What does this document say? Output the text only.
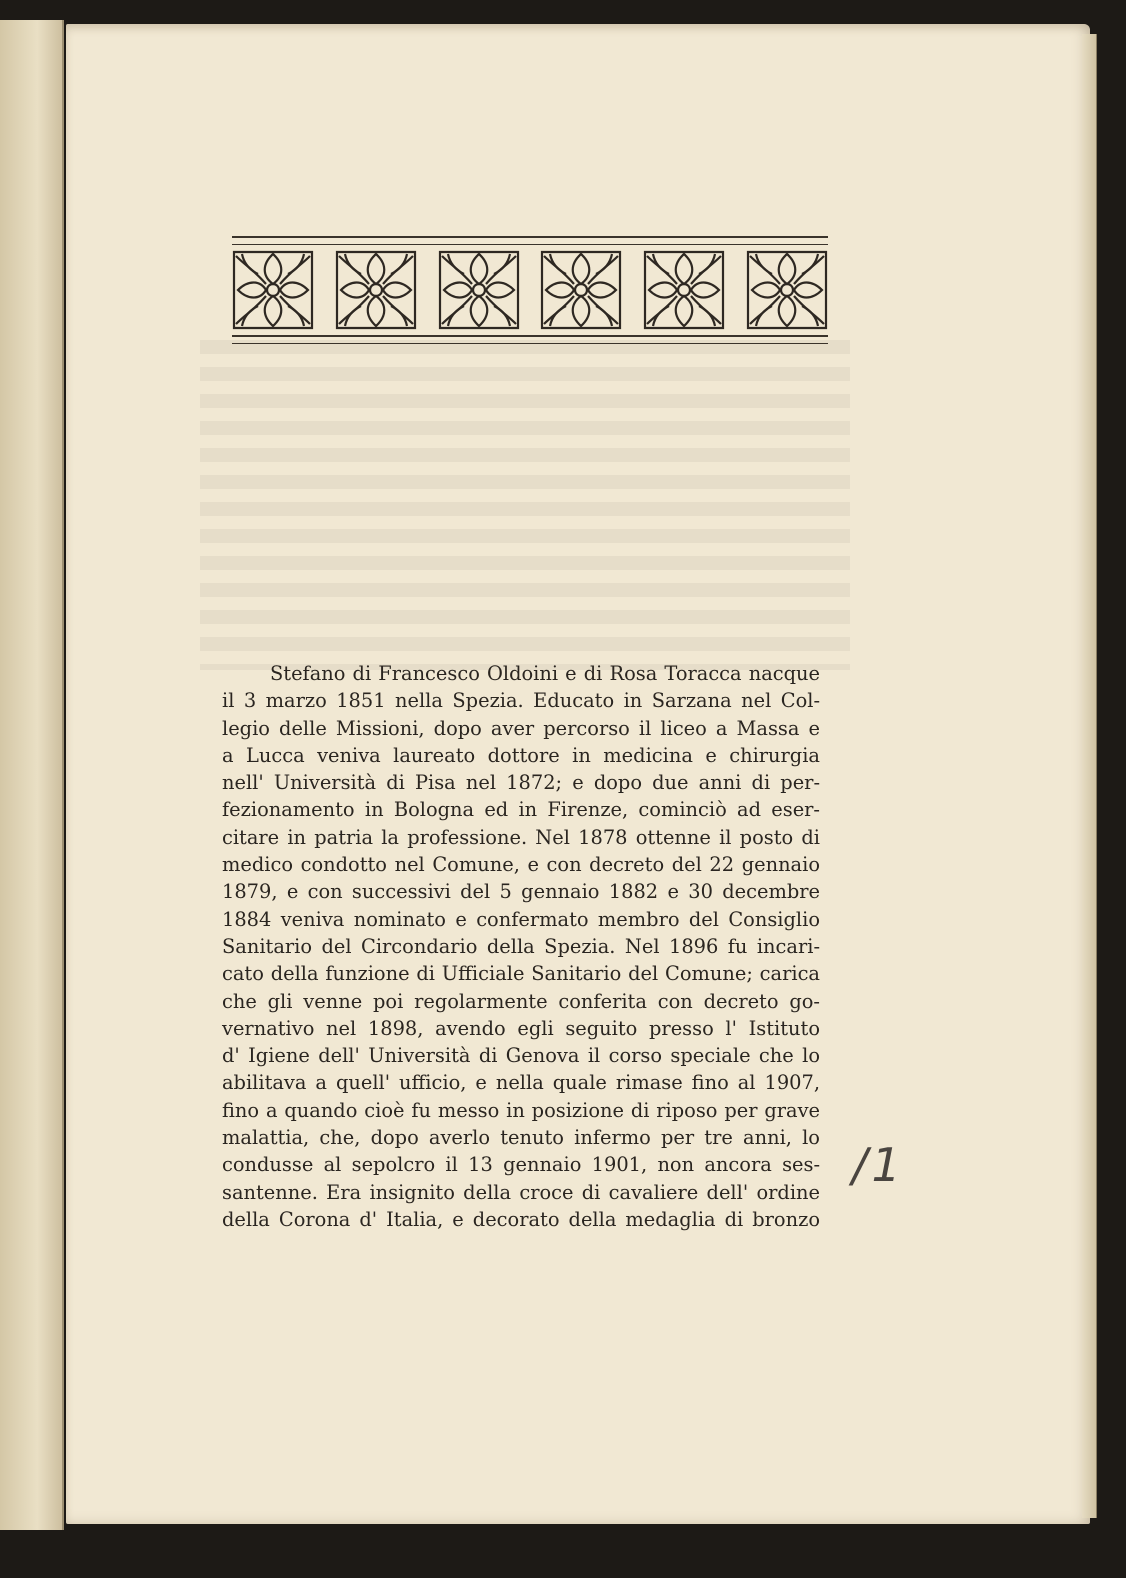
Stefano di Francesco Oldoini e di Rosa Toracca nacque
il 3 marzo 1851 nella Spezia. Educato in Sarzana nel Col-
legio delle Missioni, dopo aver percorso il liceo a Massa e
a Lucca veniva laureato dottore in medicina e chirurgia
nell' Università di Pisa nel 1872; e dopo due anni di per-
fezionamento in Bologna ed in Firenze, cominciò ad eser-
citare in patria la professione. Nel 1878 ottenne il posto di
medico condotto nel Comune, e con decreto del 22 gennaio
1879, e con successivi del 5 gennaio 1882 e 30 decembre
1884 veniva nominato e confermato membro del Consiglio
Sanitario del Circondario della Spezia. Nel 1896 fu incari-
cato della funzione di Ufficiale Sanitario del Comune; carica
che gli venne poi regolarmente conferita con decreto go-
vernativo nel 1898, avendo egli seguito presso l' Istituto
d' Igiene dell' Università di Genova il corso speciale che lo
abilitava a quell' ufficio, e nella quale rimase fino al 1907,
fino a quando cioè fu messo in posizione di riposo per grave
malattia, che, dopo averlo tenuto infermo per tre anni, lo
condusse al sepolcro il 13 gennaio 1901, non ancora ses-
santenne. Era insignito della croce di cavaliere dell' ordine
della Corona d' Italia, e decorato della medaglia di bronzo
/1
